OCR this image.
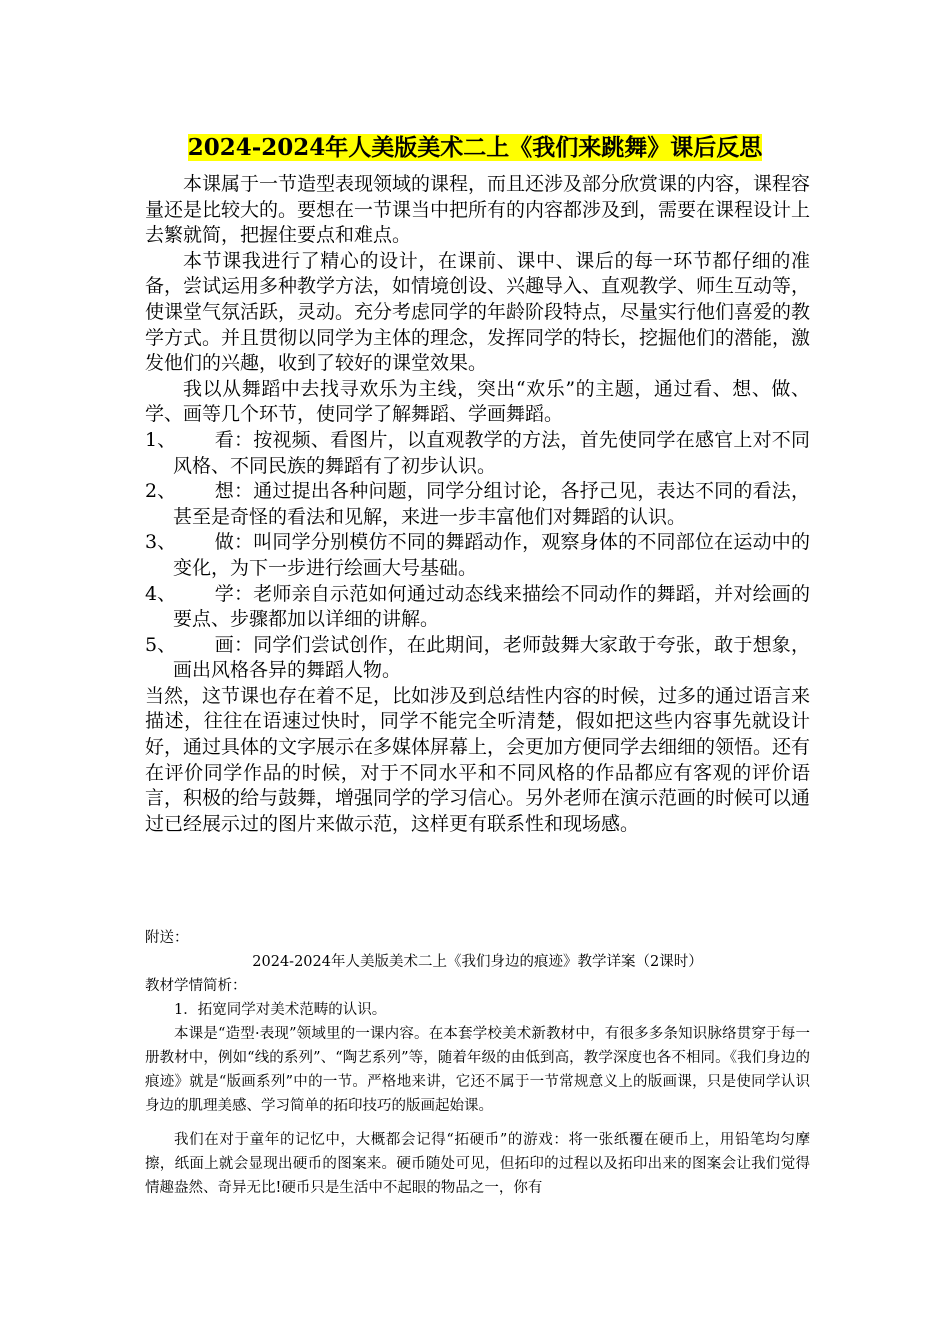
2024-2024年人美版美术二上《我们来跳舞》课后反思

本课属于一节造型表现领域的课程，而且还涉及部分欣赏课的内容，课程容量还是比较大的。要想在一节课当中把所有的内容都涉及到，需要在课程设计上去繁就简，把握住要点和难点。

本节课我进行了精心的设计，在课前、课中、课后的每一环节都仔细的准备，尝试运用多种教学方法，如情境创设、兴趣导入、直观教学、师生互动等，使课堂气氛活跃，灵动。充分考虑同学的年龄阶段特点，尽量实行他们喜爱的教学方式。并且贯彻以同学为主体的理念，发挥同学的特长，挖掘他们的潜能，激发他们的兴趣，收到了较好的课堂效果。

我以从舞蹈中去找寻欢乐为主线，突出“欢乐”的主题，通过看、想、做、学、画等几个环节，使同学了解舞蹈、学画舞蹈。

1、	看：按视频、看图片，以直观教学的方法，首先使同学在感官上对不同风格、不同民族的舞蹈有了初步认识。
2、	想：通过提出各种问题，同学分组讨论，各抒己见，表达不同的看法，甚至是奇怪的看法和见解，来进一步丰富他们对舞蹈的认识。
3、	做：叫同学分别模仿不同的舞蹈动作，观察身体的不同部位在运动中的变化，为下一步进行绘画大号基础。
4、	学：老师亲自示范如何通过动态线来描绘不同动作的舞蹈，并对绘画的要点、步骤都加以详细的讲解。
5、	画：同学们尝试创作，在此期间，老师鼓舞大家敢于夸张，敢于想象，画出风格各异的舞蹈人物。

当然，这节课也存在着不足，比如涉及到总结性内容的时候，过多的通过语言来描述，往往在语速过快时，同学不能完全听清楚，假如把这些内容事先就设计好，通过具体的文字展示在多媒体屏幕上，会更加方便同学去细细的领悟。还有在评价同学作品的时候，对于不同水平和不同风格的作品都应有客观的评价语言，积极的给与鼓舞，增强同学的学习信心。另外老师在演示范画的时候可以通过已经展示过的图片来做示范，这样更有联系性和现场感。

附送：

2024-2024年人美版美术二上《我们身边的痕迹》教学详案（2课时）

教材学情简析：

1．拓宽同学对美术范畴的认识。

本课是“造型·表现”领域里的一课内容。在本套学校美术新教材中，有很多多条知识脉络贯穿于每一册教材中，例如“线的系列”、“陶艺系列”等，随着年级的由低到高，教学深度也各不相同。《我们身边的痕迹》就是“版画系列”中的一节。严格地来讲，它还不属于一节常规意义上的版画课，只是使同学认识身边的肌理美感、学习简单的拓印技巧的版画起始课。

我们在对于童年的记忆中，大概都会记得“拓硬币”的游戏：将一张纸覆在硬币上，用铅笔均匀摩擦，纸面上就会显现出硬币的图案来。硬币随处可见，但拓印的过程以及拓印出来的图案会让我们觉得情趣盎然、奇异无比!硬币只是生活中不起眼的物品之一，你有
